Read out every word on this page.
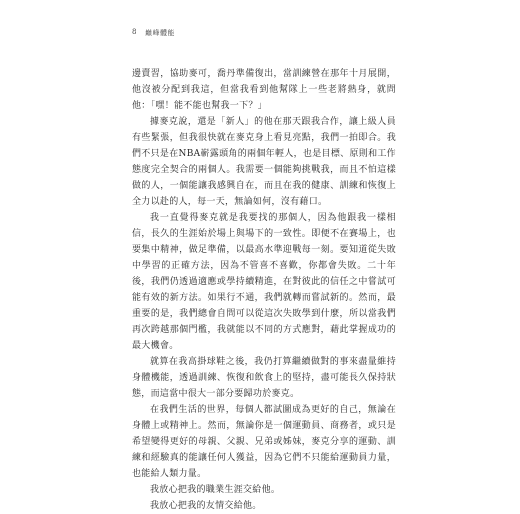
8 巔峰體能

邊賣習，協助麥可，喬丹準備復出，當訓練營在那年十月展開，他沒被分配到我這，但當我看到他幫隊上一些老將熱身，就問他：「嘿！能不能也幫我一下？」

據麥克說，還是「新人」的他在那天跟我合作，讓上級人員有些緊張，但我很快就在麥克身上看見亮點，我們一拍即合。我們不只是在NBA嶄露頭角的兩個年輕人，也是目標、原則和工作態度完全契合的兩個人。我需要一個能夠挑戰我，而且不怕這樣做的人，一個能讓我感興自在，而且在我的健康、訓練和恢復上全力以赴的人，每一天，無論如何，沒有藉口。

我一直覺得麥克就是我要找的那個人，因為他跟我一樣相信，長久的生涯始於場上與場下的一致性。即便不在賽場上，也要集中精神，做足準備，以最高水準迎戰每一刻。要知道從失敗中學習的正確方法，因為不管喜不喜歡，你都會失敗。二十年後，我們仍透過適應或學持續精進，在對彼此的信任之中嘗試可能有效的新方法。如果行不通，我們就轉而嘗試新的。然而，最重要的是，我們總會自問可以從這次失敗學到什麼，所以當我們再次跨越那個門檻，我就能以不同的方式應對，藉此掌握成功的最大機會。

就算在我高掛球鞋之後，我仍打算繼續做對的事來盡量維持身體機能，透過訓練、恢復和飲食上的堅持，盡可能長久保持狀態，而這當中很大一部分要歸功於麥克。

在我們生活的世界，每個人都試圖成為更好的自己，無論在身體上或精神上。然而，無論你是一個運動員、商務者，或只是希望變得更好的母親、父親、兄弟或姊妹，麥克分享的運動、訓練和經驗真的能讓任何人獲益，因為它們不只能給運動員力量，也能給人類力量。

我放心把我的職業生涯交給他。

我放心把我的友情交給他。
